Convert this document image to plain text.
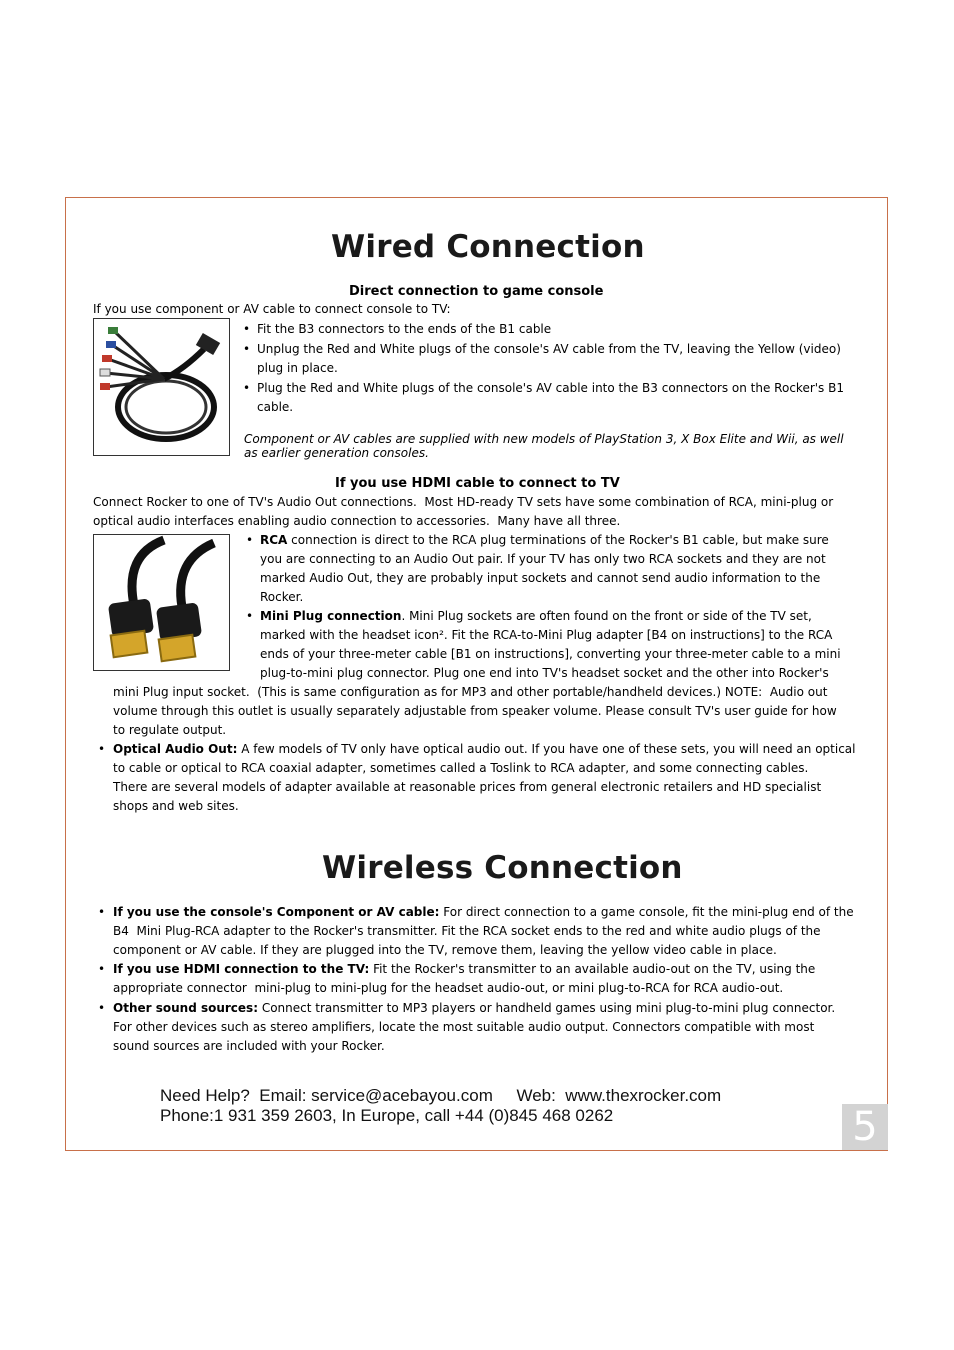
Wired Connection
Direct connection to game console
If you use component or AV cable to connect console to TV:
• Fit the B3 connectors to the ends of the B1 cable
• Unplug the Red and White plugs of the console's AV cable from the TV, leaving the Yellow (video)
plug in place.
• Plug the Red and White plugs of the console's AV cable into the B3 connectors on the Rocker's B1
cable.
Component or AV cables are supplied with new models of PlayStation 3, X Box Elite and Wii, as well
as earlier generation consoles.
If you use HDMI cable to connect to TV
Connect Rocker to one of TV's Audio Out connections.  Most HD-ready TV sets have some combination of RCA, mini-plug or
optical audio interfaces enabling audio connection to accessories.  Many have all three.
• RCA connection is direct to the RCA plug terminations of the Rocker's B1 cable, but make sure
you are connecting to an Audio Out pair. If your TV has only two RCA sockets and they are not
marked Audio Out, they are probably input sockets and cannot send audio information to the
Rocker.
• Mini Plug connection. Mini Plug sockets are often found on the front or side of the TV set,
marked with the headset icon². Fit the RCA-to-Mini Plug adapter [B4 on instructions] to the RCA
ends of your three-meter cable [B1 on instructions], converting your three-meter cable to a mini
plug-to-mini plug connector. Plug one end into TV's headset socket and the other into Rocker's
mini Plug input socket.  (This is same configuration as for MP3 and other portable/handheld devices.) NOTE:  Audio out
volume through this outlet is usually separately adjustable from speaker volume. Please consult TV's user guide for how
to regulate output.
• Optical Audio Out: A few models of TV only have optical audio out. If you have one of these sets, you will need an optical
to cable or optical to RCA coaxial adapter, sometimes called a Toslink to RCA adapter, and some connecting cables.
There are several models of adapter available at reasonable prices from general electronic retailers and HD specialist
shops and web sites.
Wireless Connection
• If you use the console's Component or AV cable: For direct connection to a game console, fit the mini-plug end of the
B4  Mini Plug-RCA adapter to the Rocker's transmitter. Fit the RCA socket ends to the red and white audio plugs of the
component or AV cable. If they are plugged into the TV, remove them, leaving the yellow video cable in place.
• If you use HDMI connection to the TV: Fit the Rocker's transmitter to an available audio-out on the TV, using the
appropriate connector  mini-plug to mini-plug for the headset audio-out, or mini plug-to-RCA for RCA audio-out.
• Other sound sources: Connect transmitter to MP3 players or handheld games using mini plug-to-mini plug connector.
For other devices such as stereo amplifiers, locate the most suitable audio output. Connectors compatible with most
sound sources are included with your Rocker.
Need Help?  Email: service@acebayou.com     Web:  www.thexrocker.com
Phone:1 931 359 2603, In Europe, call +44 (0)845 468 0262	5
